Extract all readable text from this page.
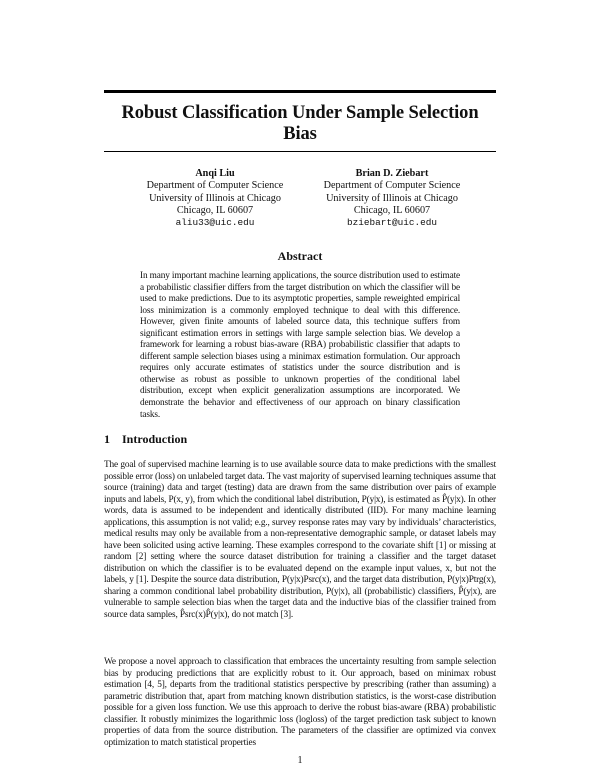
Robust Classification Under Sample Selection Bias
Anqi Liu
Department of Computer Science
University of Illinois at Chicago
Chicago, IL 60607
aliu33@uic.edu
Brian D. Ziebart
Department of Computer Science
University of Illinois at Chicago
Chicago, IL 60607
bziebart@uic.edu
Abstract

In many important machine learning applications, the source distribution used to estimate a probabilistic classifier differs from the target distribution on which the classifier will be used to make predictions. Due to its asymptotic properties, sample reweighted empirical loss minimization is a commonly employed technique to deal with this difference. However, given finite amounts of labeled source data, this technique suffers from significant estimation errors in settings with large sample selection bias. We develop a framework for learning a robust bias-aware (RBA) probabilistic classifier that adapts to different sample selection biases using a minimax estimation formulation. Our approach requires only accurate estimates of statistics under the source distribution and is otherwise as robust as possible to unknown properties of the conditional label distribution, except when explicit generalization assumptions are incorporated. We demonstrate the behavior and effectiveness of our approach on binary classification tasks.

1 Introduction

The goal of supervised machine learning is to use available source data to make predictions with the smallest possible error (loss) on unlabeled target data. The vast majority of supervised learning techniques assume that source (training) data and target (testing) data are drawn from the same distribution over pairs of example inputs and labels, P(x, y), from which the conditional label distribution, P(y|x), is estimated as P̂(y|x). In other words, data is assumed to be independent and identically distributed (IID). For many machine learning applications, this assumption is not valid; e.g., survey response rates may vary by individuals’ characteristics, medical results may only be available from a non-representative demographic sample, or dataset labels may have been solicited using active learning. These examples correspond to the covariate shift [1] or missing at random [2] setting where the source dataset distribution for training a classifier and the target dataset distribution on which the classifier is to be evaluated depend on the example input values, x, but not the labels, y [1]. Despite the source data distribution, P(y|x)Psrc(x), and the target data distribution, P(y|x)Ptrg(x), sharing a common conditional label probability distribution, P(y|x), all (probabilistic) classifiers, P̂(y|x), are vulnerable to sample selection bias when the target data and the inductive bias of the classifier trained from source data samples, P̂src(x)P̂(y|x), do not match [3].

We propose a novel approach to classification that embraces the uncertainty resulting from sample selection bias by producing predictions that are explicitly robust to it. Our approach, based on minimax robust estimation [4, 5], departs from the traditional statistics perspective by prescribing (rather than assuming) a parametric distribution that, apart from matching known distribution statistics, is the worst-case distribution possible for a given loss function. We use this approach to derive the robust bias-aware (RBA) probabilistic classifier. It robustly minimizes the logarithmic loss (logloss) of the target prediction task subject to known properties of data from the source distribution. The parameters of the classifier are optimized via convex optimization to match statistical properties

1
